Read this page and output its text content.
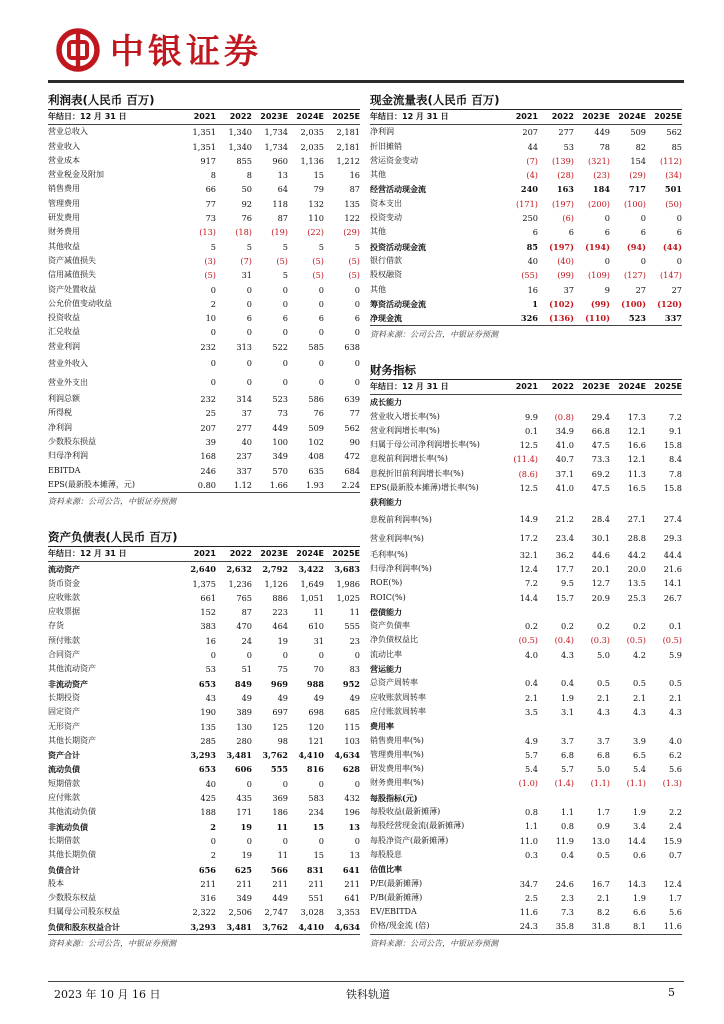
中银证券
利润表(人民币 百万)
年结日：12 月 31 日	2021	2022	2023E	2024E	2025E
营业总收入	1,351	1,340	1,734	2,035	2,181
营业收入	1,351	1,340	1,734	2,035	2,181
营业成本	917	855	960	1,136	1,212
营业税金及附加	8	8	13	15	16
销售费用	66	50	64	79	87
管理费用	77	92	118	132	135
研发费用	73	76	87	110	122
财务费用	(13)	(18)	(19)	(22)	(29)
其他收益	5	5	5	5	5
资产减值损失	(3)	(7)	(5)	(5)	(5)
信用减值损失	(5)	31	5	(5)	(5)
资产处置收益	0	0	0	0	0
公允价值变动收益	2	0	0	0	0
投资收益	10	6	6	6	6
汇兑收益	0	0	0	0	0
营业利润	232	313	522	585	638
营业外收入	0	0	0	0	0
营业外支出	0	0	0	0	0
利润总额	232	314	523	586	639
所得税	25	37	73	76	77
净利润	207	277	449	509	562
少数股东损益	39	40	100	102	90
归母净利润	168	237	349	408	472
EBITDA	246	337	570	635	684
EPS(最新股本摊薄，元)	0.80	1.12	1.66	1.93	2.24
资料来源：公司公告，中银证券预测
资产负债表(人民币 百万)
年结日：12 月 31 日	2021	2022	2023E	2024E	2025E
流动资产	2,640	2,632	2,792	3,422	3,683
货币资金	1,375	1,236	1,126	1,649	1,986
应收账款	661	765	886	1,051	1,025
应收票据	152	87	223	11	11
存货	383	470	464	610	555
预付账款	16	24	19	31	23
合同资产	0	0	0	0	0
其他流动资产	53	51	75	70	83
非流动资产	653	849	969	988	952
长期投资	43	49	49	49	49
固定资产	190	389	697	698	685
无形资产	135	130	125	120	115
其他长期资产	285	280	98	121	103
资产合计	3,293	3,481	3,762	4,410	4,634
流动负债	653	606	555	816	628
短期借款	40	0	0	0	0
应付账款	425	435	369	583	432
其他流动负债	188	171	186	234	196
非流动负债	2	19	11	15	13
长期借款	0	0	0	0	0
其他长期负债	2	19	11	15	13
负债合计	656	625	566	831	641
股本	211	211	211	211	211
少数股东权益	316	349	449	551	641
归属母公司股东权益	2,322	2,506	2,747	3,028	3,353
负债和股东权益合计	3,293	3,481	3,762	4,410	4,634
资料来源：公司公告，中银证券预测
现金流量表(人民币 百万)
年结日：12 月 31 日	2021	2022	2023E	2024E	2025E
净利润	207	277	449	509	562
折旧摊销	44	53	78	82	85
营运资金变动	(7)	(139)	(321)	154	(112)
其他	(4)	(28)	(23)	(29)	(34)
经营活动现金流	240	163	184	717	501
资本支出	(171)	(197)	(200)	(100)	(50)
投资变动	250	(6)	0	0	0
其他	6	6	6	6	6
投资活动现金流	85	(197)	(194)	(94)	(44)
银行借款	40	(40)	0	0	0
股权融资	(55)	(99)	(109)	(127)	(147)
其他	16	37	9	27	27
筹资活动现金流	1	(102)	(99)	(100)	(120)
净现金流	326	(136)	(110)	523	337
资料来源：公司公告，中银证券预测
财务指标
年结日：12 月 31 日	2021	2022	2023E	2024E	2025E
成长能力					
营业收入增长率(%)	9.9	(0.8)	29.4	17.3	7.2
营业利润增长率(%)	0.1	34.9	66.8	12.1	9.1
归属于母公司净利润增长率(%)	12.5	41.0	47.5	16.6	15.8
息税前利润增长率(%)	(11.4)	40.7	73.3	12.1	8.4
息税折旧前利润增长率(%)	(8.6)	37.1	69.2	11.3	7.8
EPS(最新股本摊薄)增长率(%)	12.5	41.0	47.5	16.5	15.8
获利能力					
息税前利润率(%)	14.9	21.2	28.4	27.1	27.4
营业利润率(%)	17.2	23.4	30.1	28.8	29.3
毛利率(%)	32.1	36.2	44.6	44.2	44.4
归母净利润率(%)	12.4	17.7	20.1	20.0	21.6
ROE(%)	7.2	9.5	12.7	13.5	14.1
ROIC(%)	14.4	15.7	20.9	25.3	26.7
偿债能力					
资产负债率	0.2	0.2	0.2	0.2	0.1
净负债权益比	(0.5)	(0.4)	(0.3)	(0.5)	(0.5)
流动比率	4.0	4.3	5.0	4.2	5.9
营运能力					
总资产周转率	0.4	0.4	0.5	0.5	0.5
应收账款周转率	2.1	1.9	2.1	2.1	2.1
应付账款周转率	3.5	3.1	4.3	4.3	4.3
费用率					
销售费用率(%)	4.9	3.7	3.7	3.9	4.0
管理费用率(%)	5.7	6.8	6.8	6.5	6.2
研发费用率(%)	5.4	5.7	5.0	5.4	5.6
财务费用率(%)	(1.0)	(1.4)	(1.1)	(1.1)	(1.3)
每股指标(元)					
每股收益(最新摊薄)	0.8	1.1	1.7	1.9	2.2
每股经营现金流(最新摊薄)	1.1	0.8	0.9	3.4	2.4
每股净资产(最新摊薄)	11.0	11.9	13.0	14.4	15.9
每股股息	0.3	0.4	0.5	0.6	0.7
估值比率					
P/E(最新摊薄)	34.7	24.6	16.7	14.3	12.4
P/B(最新摊薄)	2.5	2.3	2.1	1.9	1.7
EV/EBITDA	11.6	7.3	8.2	6.6	5.6
价格/现金流 (倍)	24.3	35.8	31.8	8.1	11.6
资料来源：公司公告，中银证券预测
2023 年 10 月 16 日	铁科轨道	5
